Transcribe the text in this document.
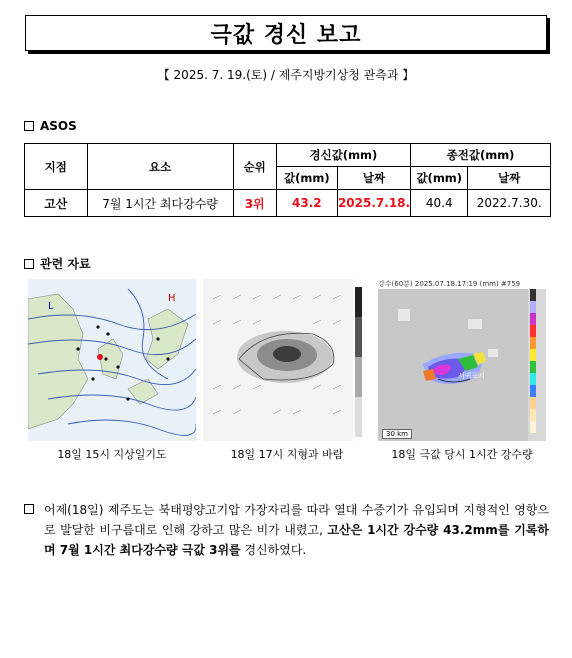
극값 경신 보고
【 2025. 7. 19.(토) / 제주지방기상청 관측과 】
ASOS
지점	요소	순위	경신값(mm)		종전값(mm)	
			값(mm)	날짜	값(mm)	날짜
고산	7월 1시간 최다강수량	3위	43.2	2025.7.18.	40.4	2022.7.30.
관련 자료
H
L
18일 15시 지상일기도	18일 17시 지형과 바람
강수(60분) 2025.07.18.17:19 (mm) #759
서귀포시
30 km
18일 극값 당시 1시간 강수량
어제(18일) 제주도는 북태평양고기압 가장자리를 따라 열대 수증기가 유입되며 지형적인 영향으로 발달한 비구름대로 인해 강하고 많은 비가 내렸고, 고산은 1시간 강수량 43.2mm를 기록하며 7월 1시간 최다강수량 극값 3위를 경신하였다.
